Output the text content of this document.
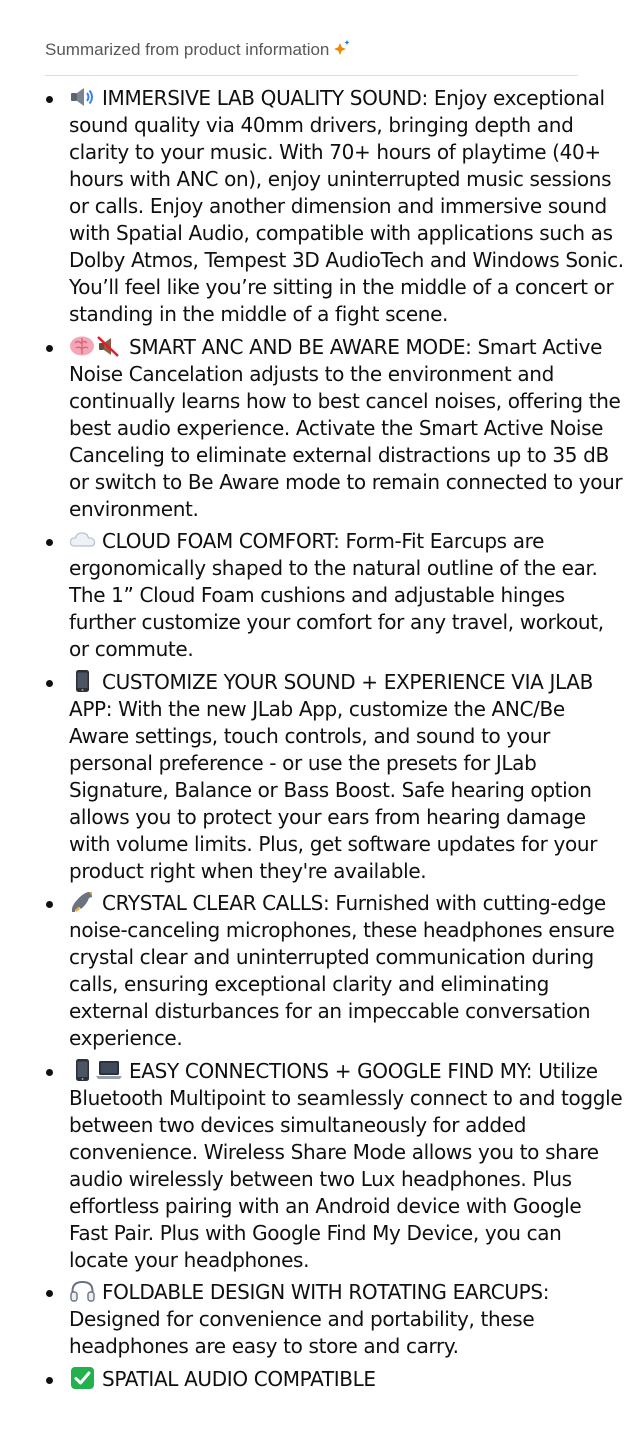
Summarized from product information
IMMERSIVE LAB QUALITY SOUND: Enjoy exceptional sound quality via 40mm drivers, bringing depth and clarity to your music. With 70+ hours of playtime (40+ hours with ANC on), enjoy uninterrupted music sessions or calls. Enjoy another dimension and immersive sound with Spatial Audio, compatible with applications such as Dolby Atmos, Tempest 3D AudioTech and Windows Sonic. You’ll feel like you’re sitting in the middle of a concert or standing in the middle of a fight scene.
SMART ANC AND BE AWARE MODE: Smart Active Noise Cancelation adjusts to the environment and continually learns how to best cancel noises, offering the best audio experience. Activate the Smart Active Noise Canceling to eliminate external distractions up to 35 dB or switch to Be Aware mode to remain connected to your environment.
CLOUD FOAM COMFORT: Form-Fit Earcups are ergonomically shaped to the natural outline of the ear. The 1” Cloud Foam cushions and adjustable hinges further customize your comfort for any travel, workout, or commute.
CUSTOMIZE YOUR SOUND + EXPERIENCE VIA JLAB APP: With the new JLab App, customize the ANC/Be Aware settings, touch controls, and sound to your personal preference - or use the presets for JLab Signature, Balance or Bass Boost. Safe hearing option allows you to protect your ears from hearing damage with volume limits. Plus, get software updates for your product right when they're available.
CRYSTAL CLEAR CALLS: Furnished with cutting-edge noise-canceling microphones, these headphones ensure crystal clear and uninterrupted communication during calls, ensuring exceptional clarity and eliminating external disturbances for an impeccable conversation experience.
EASY CONNECTIONS + GOOGLE FIND MY: Utilize Bluetooth Multipoint to seamlessly connect to and toggle between two devices simultaneously for added convenience. Wireless Share Mode allows you to share audio wirelessly between two Lux headphones. Plus effortless pairing with an Android device with Google Fast Pair. Plus with Google Find My Device, you can locate your headphones.
FOLDABLE DESIGN WITH ROTATING EARCUPS: Designed for convenience and portability, these headphones are easy to store and carry.
SPATIAL AUDIO COMPATIBLE
